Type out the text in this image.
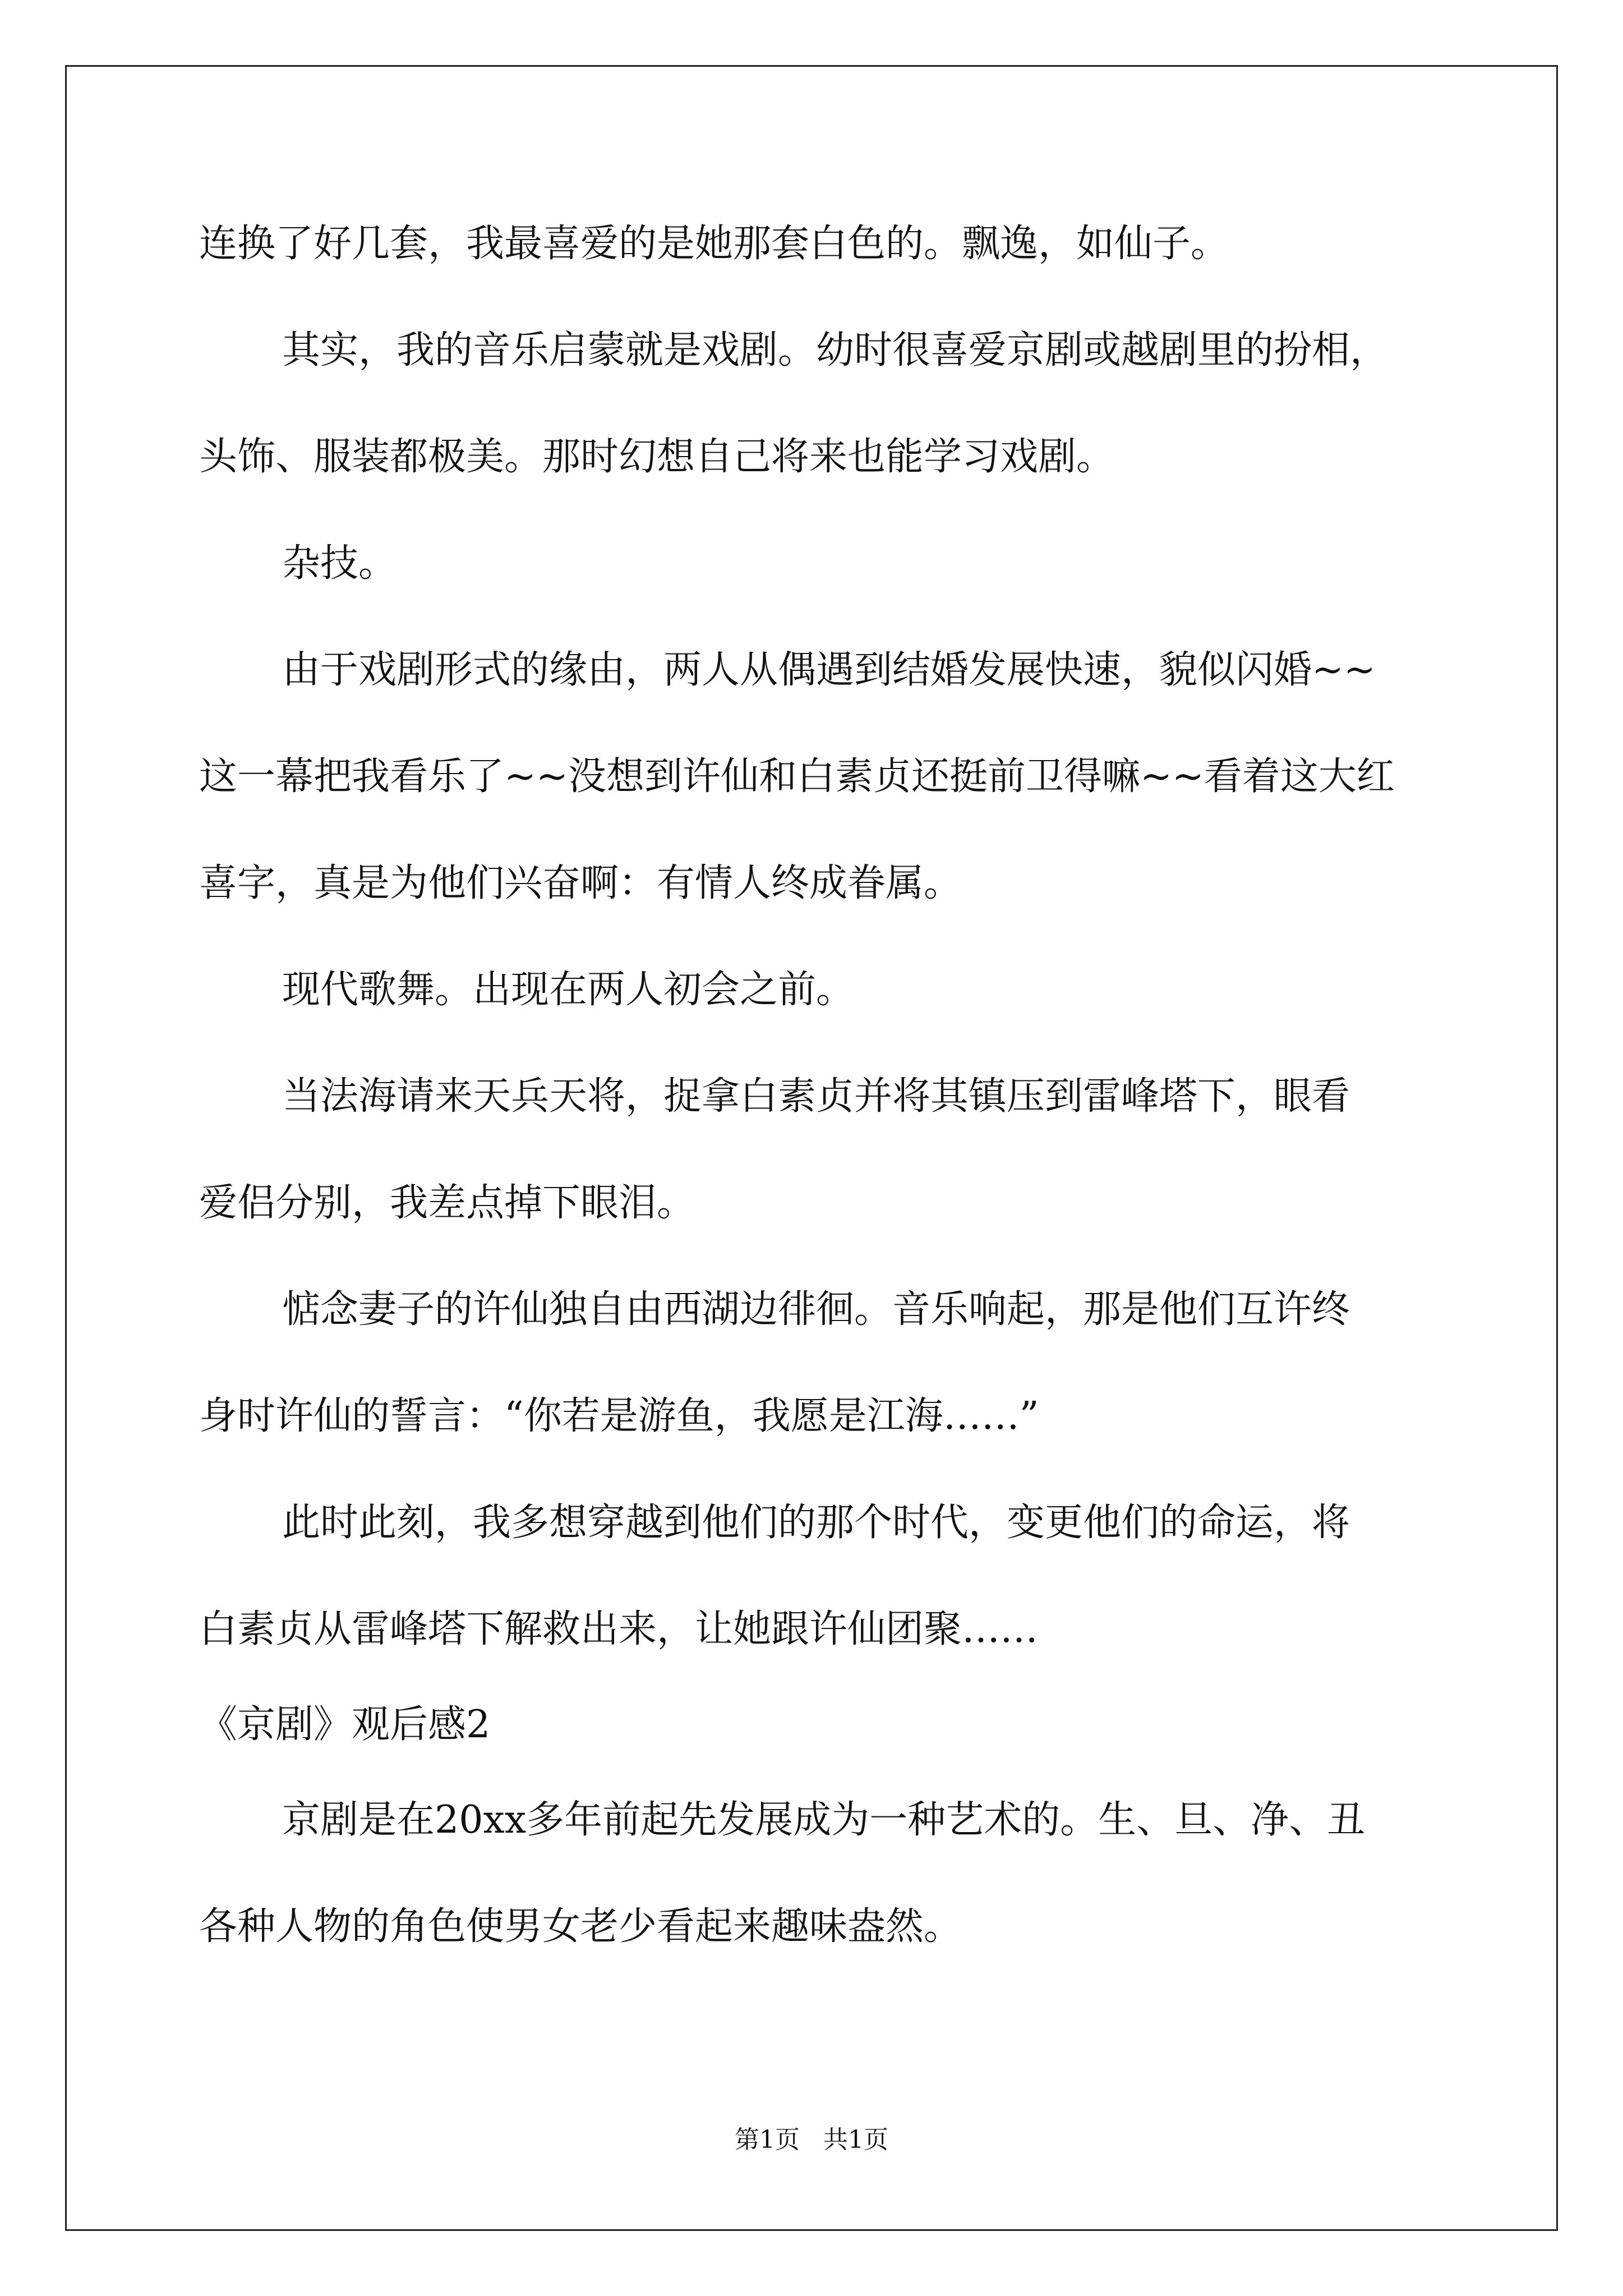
连换了好几套，我最喜爱的是她那套白色的。飘逸，如仙子。
其实，我的音乐启蒙就是戏剧。幼时很喜爱京剧或越剧里的扮相，
头饰、服装都极美。那时幻想自己将来也能学习戏剧。
杂技。
由于戏剧形式的缘由，两人从偶遇到结婚发展快速，貌似闪婚~~
这一幕把我看乐了~~没想到许仙和白素贞还挺前卫得嘛~~看着这大红
喜字，真是为他们兴奋啊：有情人终成眷属。
现代歌舞。出现在两人初会之前。
当法海请来天兵天将，捉拿白素贞并将其镇压到雷峰塔下，眼看
爱侣分别，我差点掉下眼泪。
惦念妻子的许仙独自由西湖边徘徊。音乐响起，那是他们互许终
身时许仙的誓言：“你若是游鱼，我愿是江海……”
此时此刻，我多想穿越到他们的那个时代，变更他们的命运，将
白素贞从雷峰塔下解救出来，让她跟许仙团聚……
《京剧》观后感2
京剧是在20xx多年前起先发展成为一种艺术的。生、旦、净、丑
各种人物的角色使男女老少看起来趣味盎然。
第1页   共1页
